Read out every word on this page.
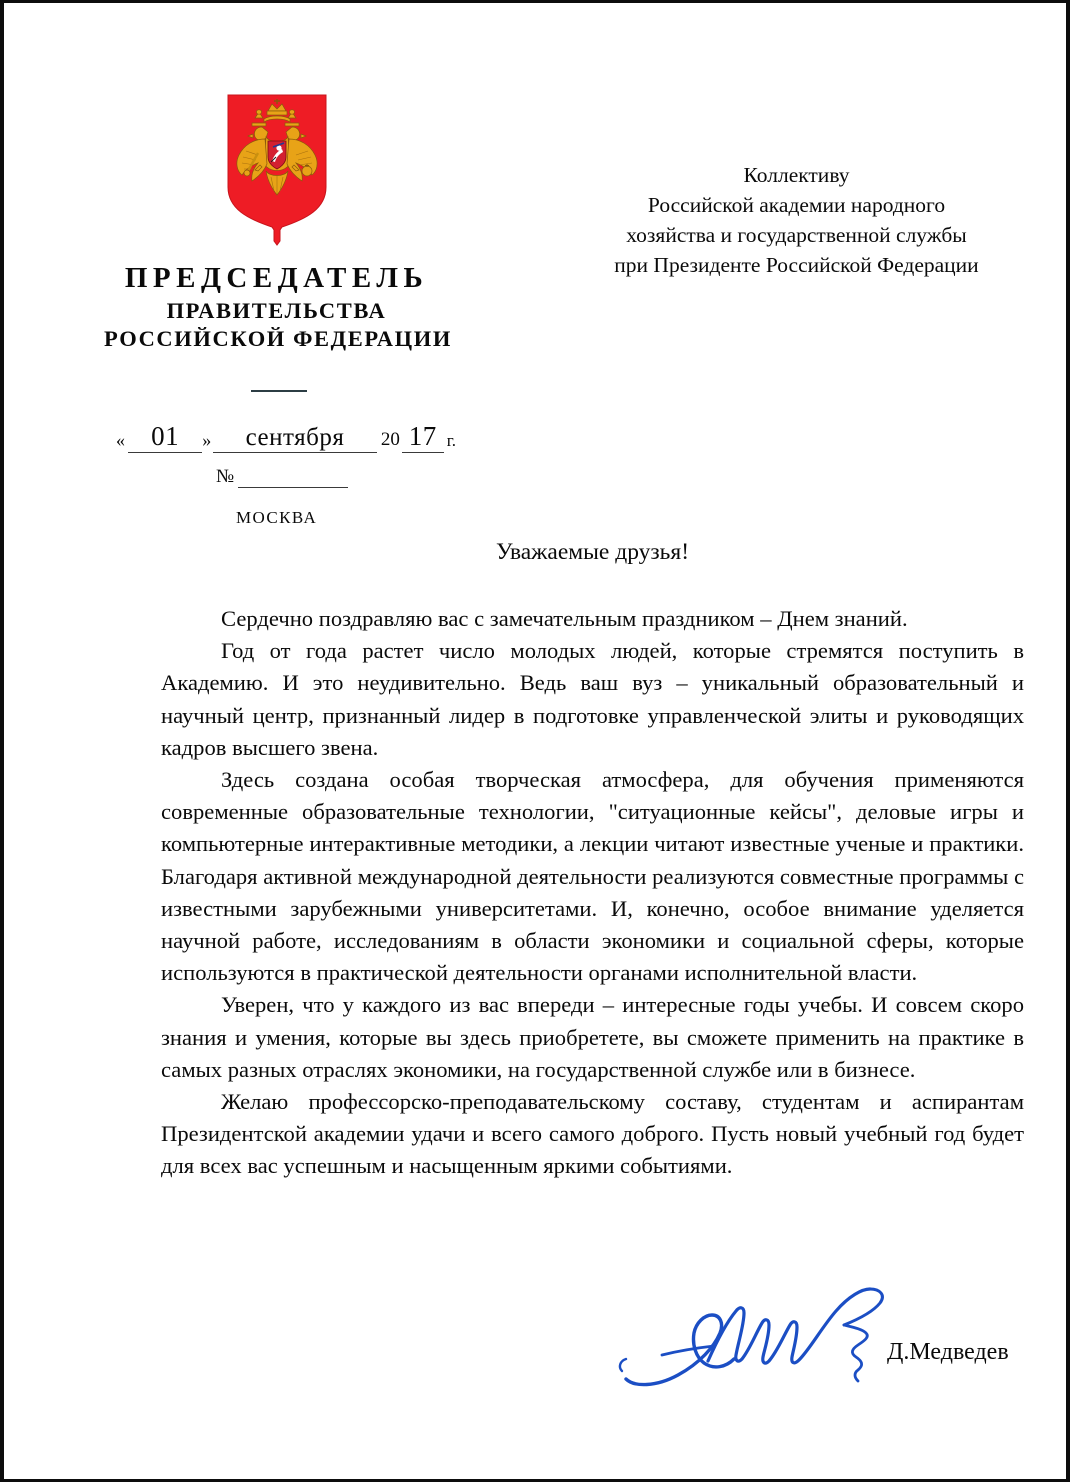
ПРЕДСЕДАТЕЛЬ
ПРАВИТЕЛЬСТВА
РОССИЙСКОЙ ФЕДЕРАЦИИ
« 01	»	сентября	20 17 г.
№
МОСКВА
Коллективу
Российской академии народного
хозяйства и государственной службы
при Президенте Российской Федерации
Уважаемые друзья!

Сердечно поздравляю вас с замечательным праздником – Днем знаний.

Год от года растет число молодых людей, которые стремятся поступить в Академию. И это неудивительно. Ведь ваш вуз – уникальный образовательный и научный центр, признанный лидер в подготовке управленческой элиты и руководящих кадров высшего звена.

Здесь создана особая творческая атмосфера, для обучения применяются современные образовательные технологии, "ситуационные кейсы", деловые игры и компьютерные интерактивные методики, а лекции читают известные ученые и практики. Благодаря активной международной деятельности реализуются совместные программы с известными зарубежными университетами. И, конечно, особое внимание уделяется научной работе, исследованиям в области экономики и социальной сферы, которые используются в практической деятельности органами исполнительной власти.

Уверен, что у каждого из вас впереди – интересные годы учебы. И совсем скоро знания и умения, которые вы здесь приобретете, вы сможете применить на практике в самых разных отраслях экономики, на государственной службе или в бизнесе.

Желаю профессорско-преподавательскому составу, студентам и аспирантам Президентской академии удачи и всего самого доброго. Пусть новый учебный год будет для всех вас успешным и насыщенным яркими событиями.

Д.Медведев
